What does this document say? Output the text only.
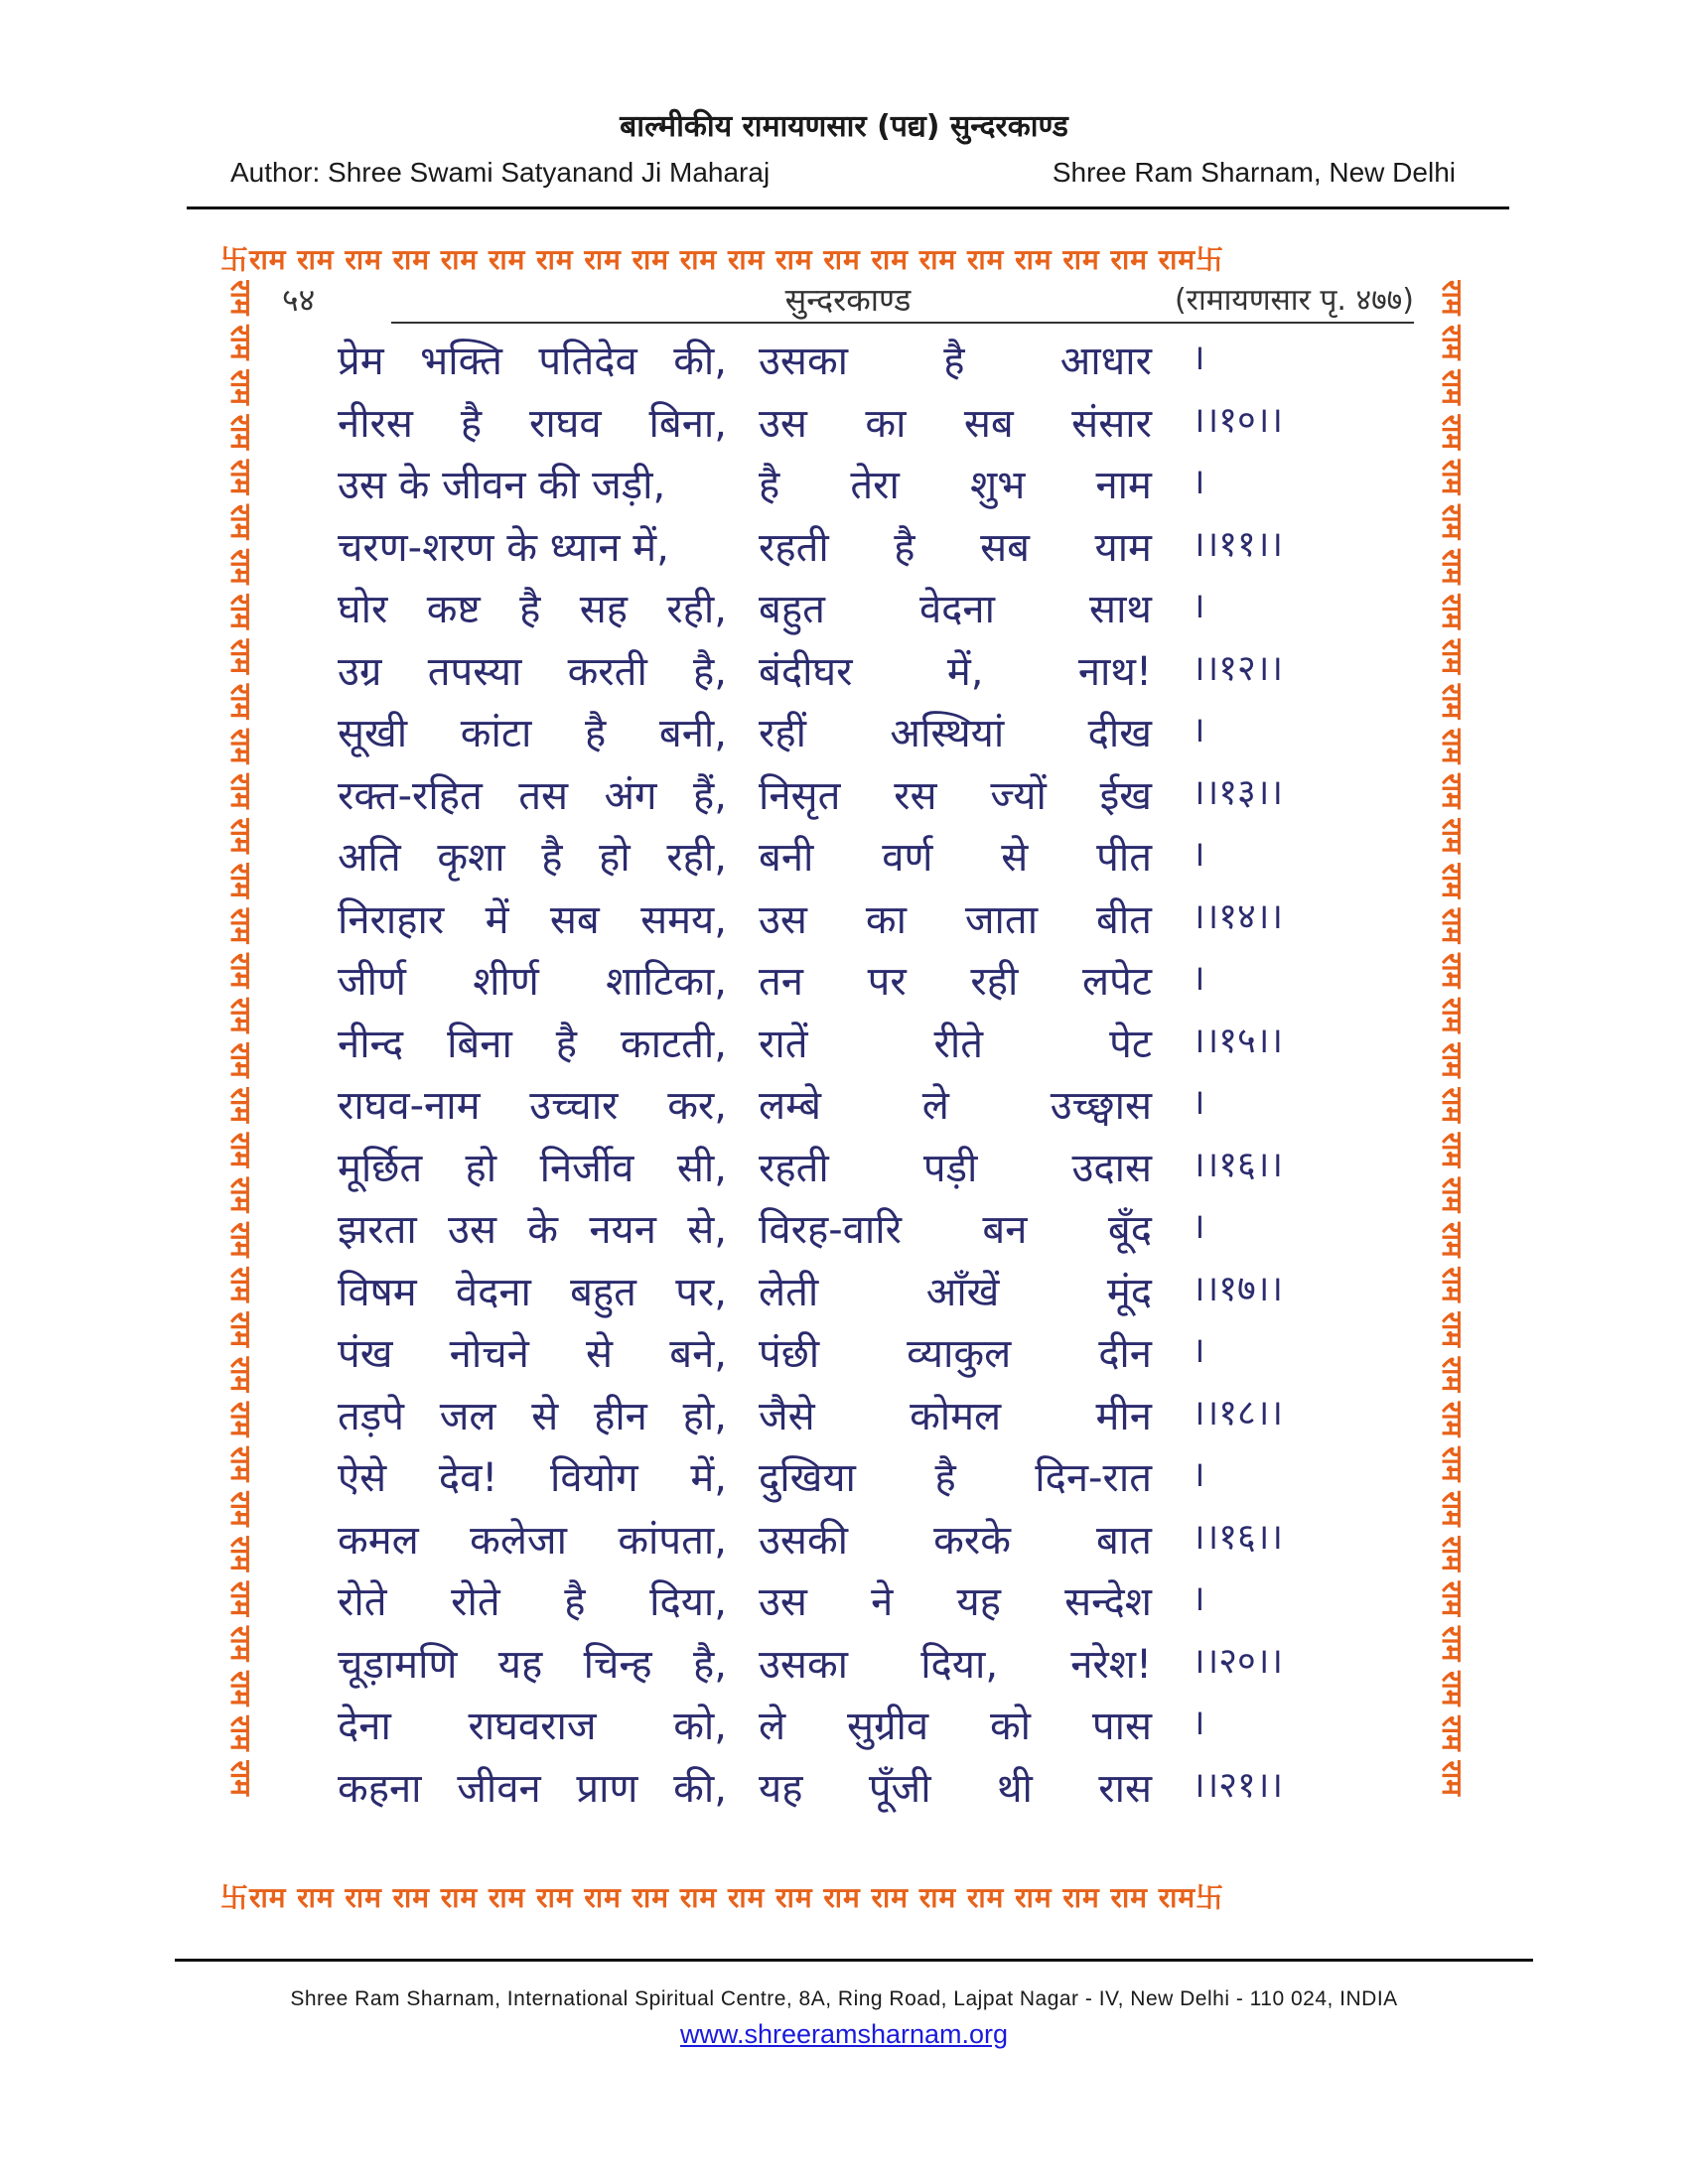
बाल्मीकीय रामायणसार (पद्य) सुन्दरकाण्ड
Author: Shree Swami Satyanand Ji Maharaj	Shree Ram Sharnam, New Delhi
卐राम राम राम राम राम राम राम राम राम राम राम राम राम राम राम राम राम राम राम राम卐
卐राम राम राम राम राम राम राम राम राम राम राम राम राम राम राम राम राम राम राम राम卐
राम राम राम राम राम राम राम राम राम राम राम राम राम राम राम राम राम राम राम राम राम राम राम राम राम राम राम राम राम राम राम राम राम राम	राम राम राम राम राम राम राम राम राम राम राम राम राम राम राम राम राम राम राम राम राम राम राम राम राम राम राम राम राम राम राम राम राम राम
५४	सुन्दरकाण्ड	(रामायणसार पृ. ४७७)
प्रेम भक्ति पतिदेव की, उसका है आधार ।
नीरस है राघव बिना, उस का सब संसार ।।१०।।
उस के जीवन की जड़ी, है तेरा शुभ नाम ।
चरण-शरण के ध्यान में, रहती है सब याम ।।११।।
घोर कष्ट है सह रही, बहुत वेदना साथ ।
उग्र तपस्या करती है, बंदीघर में, नाथ! ।।१२।।
सूखी कांटा है बनी, रहीं अस्थियां दीख ।
रक्त-रहित तस अंग हैं, निसृत रस ज्यों ईख ।।१३।।
अति कृशा है हो रही, बनी वर्ण से पीत ।
निराहार में सब समय, उस का जाता बीत ।।१४।।
जीर्ण शीर्ण शाटिका, तन पर रही लपेट ।
नीन्द बिना है काटती, रातें	रीते	पेट ।।१५।।
राघव-नाम उच्चार कर, लम्बे	ले	उच्छ्वास ।
मूर्छित हो निर्जीव सी, रहती पड़ी उदास ।।१६।।
झरता उस के नयन से, विरह-वारि बन बूँद ।
विषम वेदना बहुत पर, लेती	आँखें	मूंद ।।१७।।
पंख नोचने से बने, पंछी व्याकुल दीन ।
तड़पे जल से हीन हो, जैसे कोमल मीन ।।१८।।
ऐसे देव! वियोग में, दुखिया है दिन-रात ।
कमल कलेजा कांपता, उसकी करके बात ।।१६।।
रोते रोते है दिया, उस ने यह सन्देश ।
चूड़ामणि यह चिन्ह है, उसका दिया, नरेश! ।।२०।।
देना राघवराज को, ले सुग्रीव को पास ।
कहना जीवन प्राण की, यह पूँजी थी रास ।।२१।।
Shree Ram Sharnam, International Spiritual Centre, 8A, Ring Road, Lajpat Nagar - IV, New Delhi - 110 024, INDIA
www.shreeramsharnam.org
